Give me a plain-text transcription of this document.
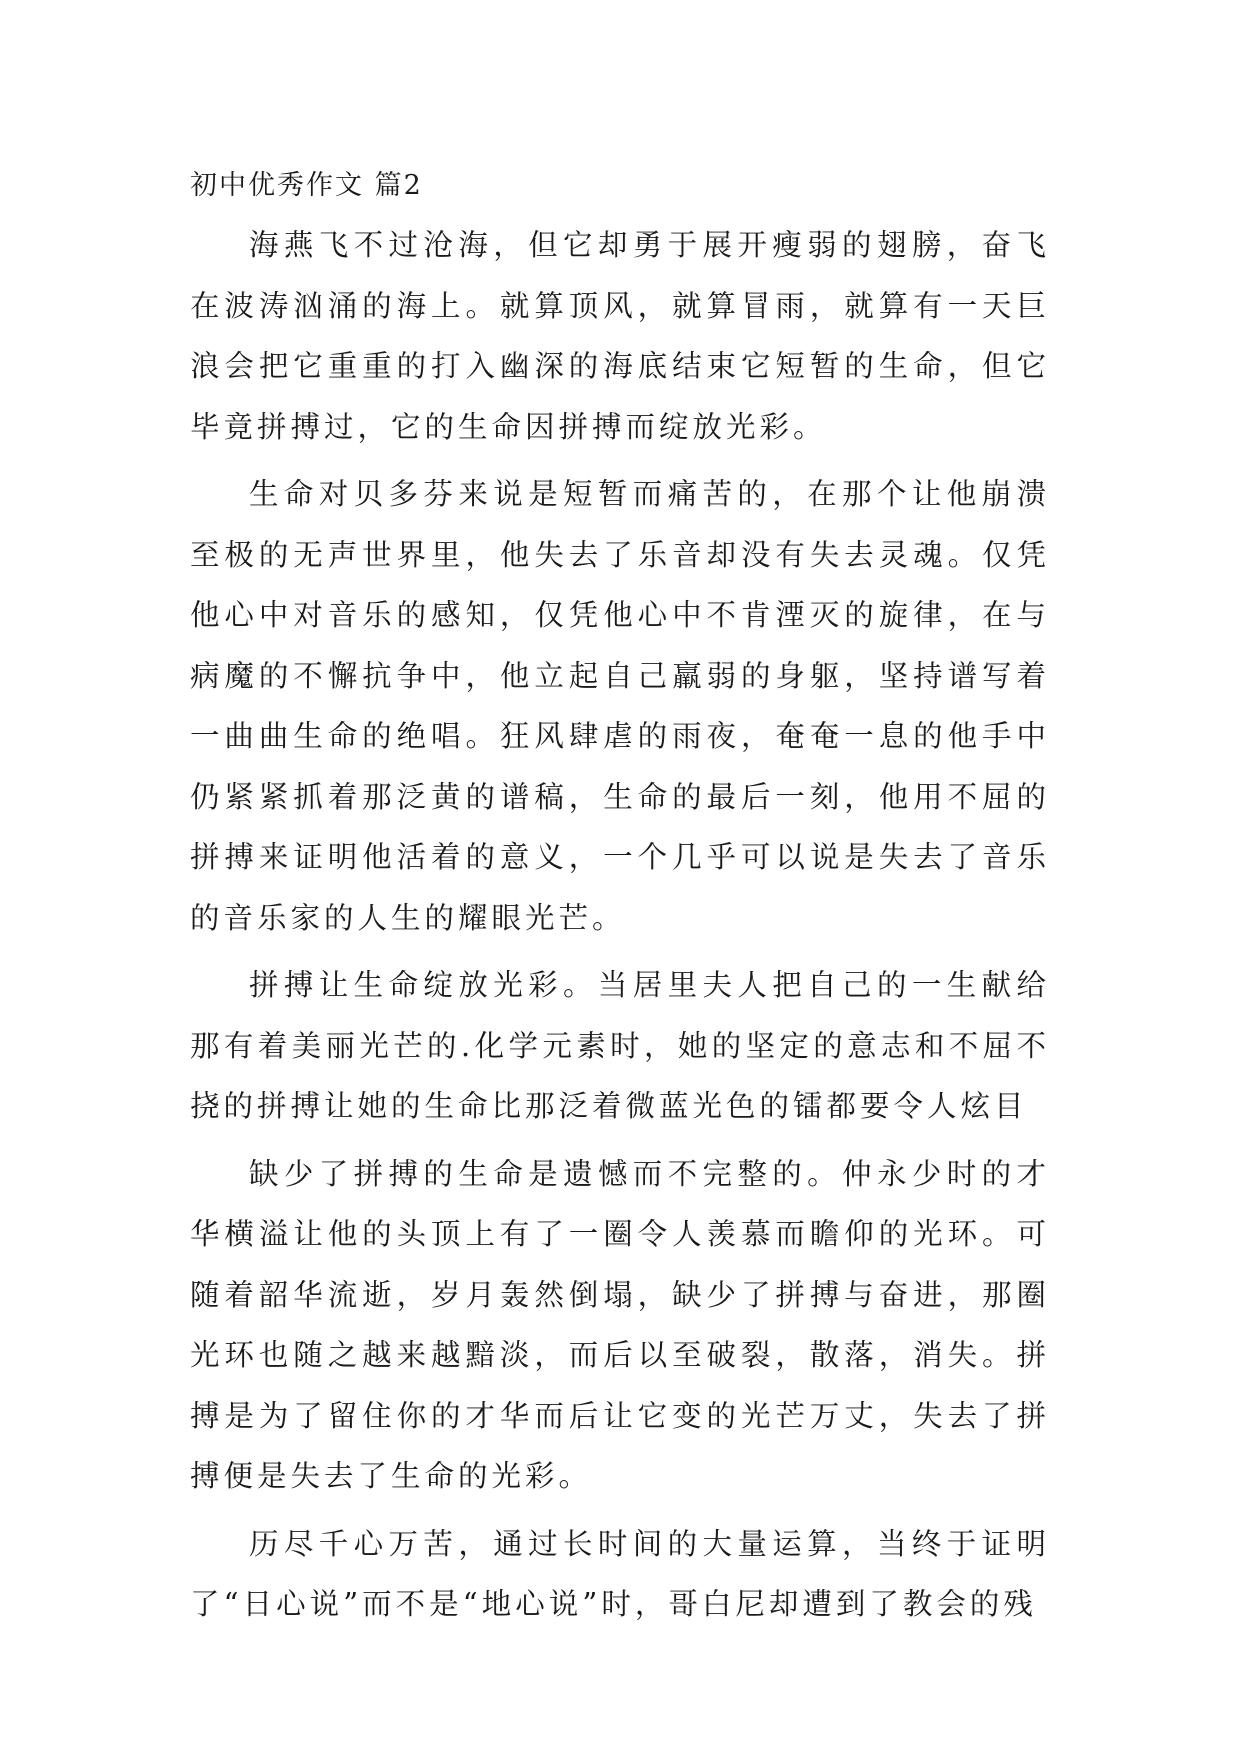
初中优秀作文 篇2

海燕飞不过沧海，但它却勇于展开瘦弱的翅膀，奋飞在波涛汹涌的海上。就算顶风，就算冒雨，就算有一天巨浪会把它重重的打入幽深的海底结束它短暂的生命，但它毕竟拼搏过，它的生命因拼搏而绽放光彩。

生命对贝多芬来说是短暂而痛苦的，在那个让他崩溃至极的无声世界里，他失去了乐音却没有失去灵魂。仅凭他心中对音乐的感知，仅凭他心中不肯湮灭的旋律，在与病魔的不懈抗争中，他立起自己羸弱的身躯，坚持谱写着一曲曲生命的绝唱。狂风肆虐的雨夜，奄奄一息的他手中仍紧紧抓着那泛黄的谱稿，生命的最后一刻，他用不屈的拼搏来证明他活着的意义，一个几乎可以说是失去了音乐的音乐家的人生的耀眼光芒。

拼搏让生命绽放光彩。当居里夫人把自己的一生献给那有着美丽光芒的.化学元素时，她的坚定的意志和不屈不挠的拼搏让她的生命比那泛着微蓝光色的镭都要令人炫目

缺少了拼搏的生命是遗憾而不完整的。仲永少时的才华横溢让他的头顶上有了一圈令人羡慕而瞻仰的光环。可随着韶华流逝，岁月轰然倒塌，缺少了拼搏与奋进，那圈光环也随之越来越黯淡，而后以至破裂，散落，消失。拼搏是为了留住你的才华而后让它变的光芒万丈，失去了拼搏便是失去了生命的光彩。

历尽千心万苦，通过长时间的大量运算，当终于证明了“日心说”而不是“地心说”时，哥白尼却遭到了教会的残
